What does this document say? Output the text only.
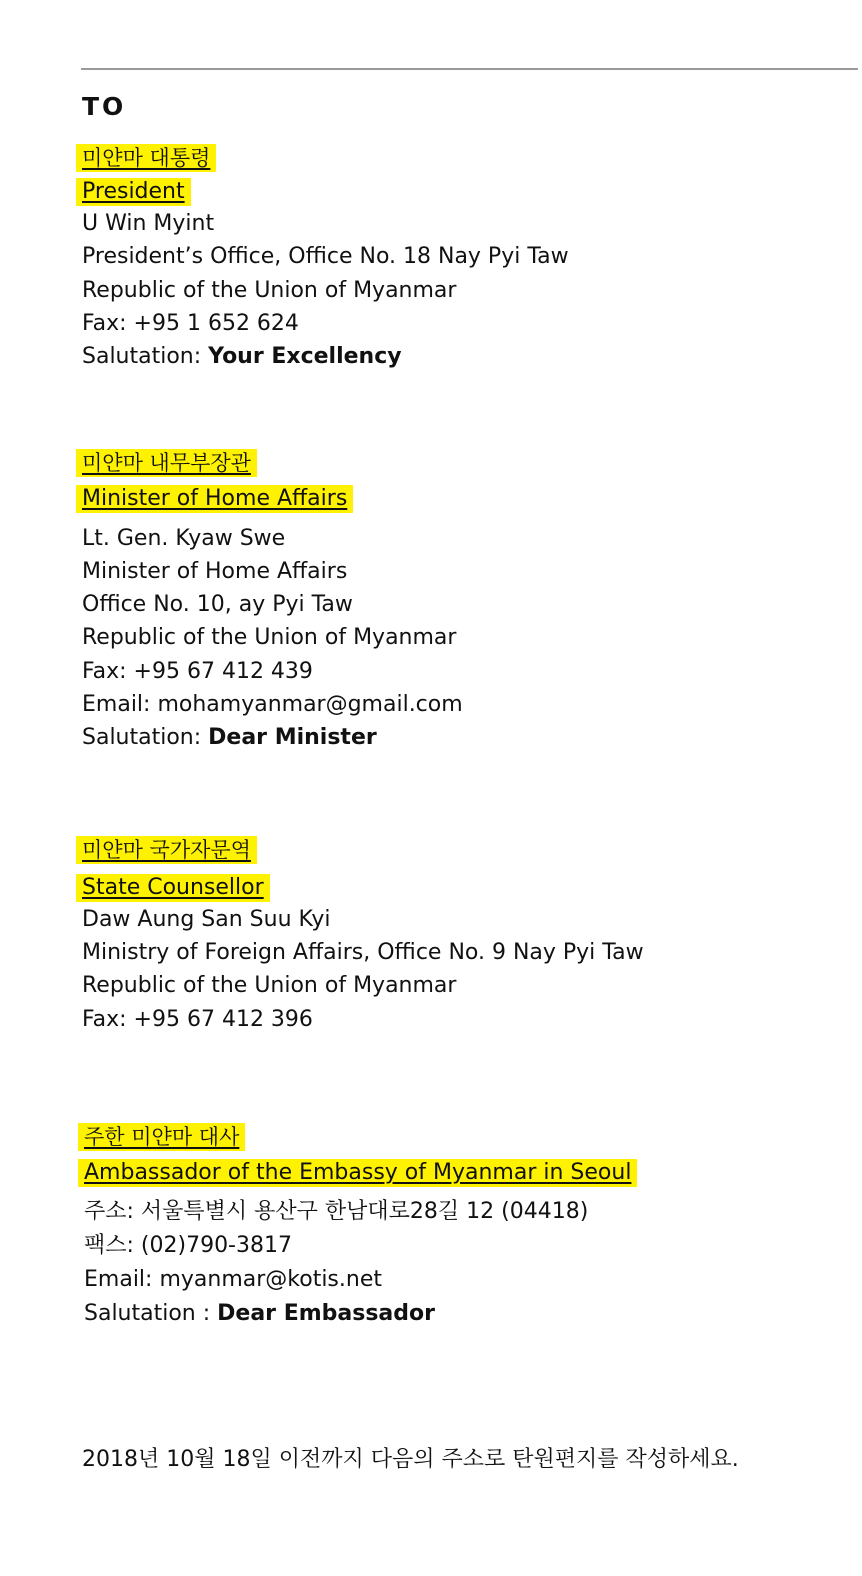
TO
미얀마 대통령
President
U Win Myint
President’s Office, Office No. 18 Nay Pyi Taw
Republic of the Union of Myanmar
Fax: +95 1 652 624
Salutation: Your Excellency
미얀마 내무부장관
Minister of Home Affairs
Lt. Gen. Kyaw Swe
Minister of Home Affairs
Office No. 10, ay Pyi Taw
Republic of the Union of Myanmar
Fax: +95 67 412 439
Email: mohamyanmar@gmail.com
Salutation: Dear Minister
미얀마 국가자문역
State Counsellor
Daw Aung San Suu Kyi
Ministry of Foreign Affairs, Office No. 9 Nay Pyi Taw
Republic of the Union of Myanmar
Fax: +95 67 412 396
주한 미얀마 대사
Ambassador of the Embassy of Myanmar in Seoul
주소: 서울특별시 용산구 한남대로28길 12 (04418)
팩스: (02)790-3817
Email: myanmar@kotis.net
Salutation : Dear Embassador
2018년 10월 18일 이전까지 다음의 주소로 탄원편지를 작성하세요.
